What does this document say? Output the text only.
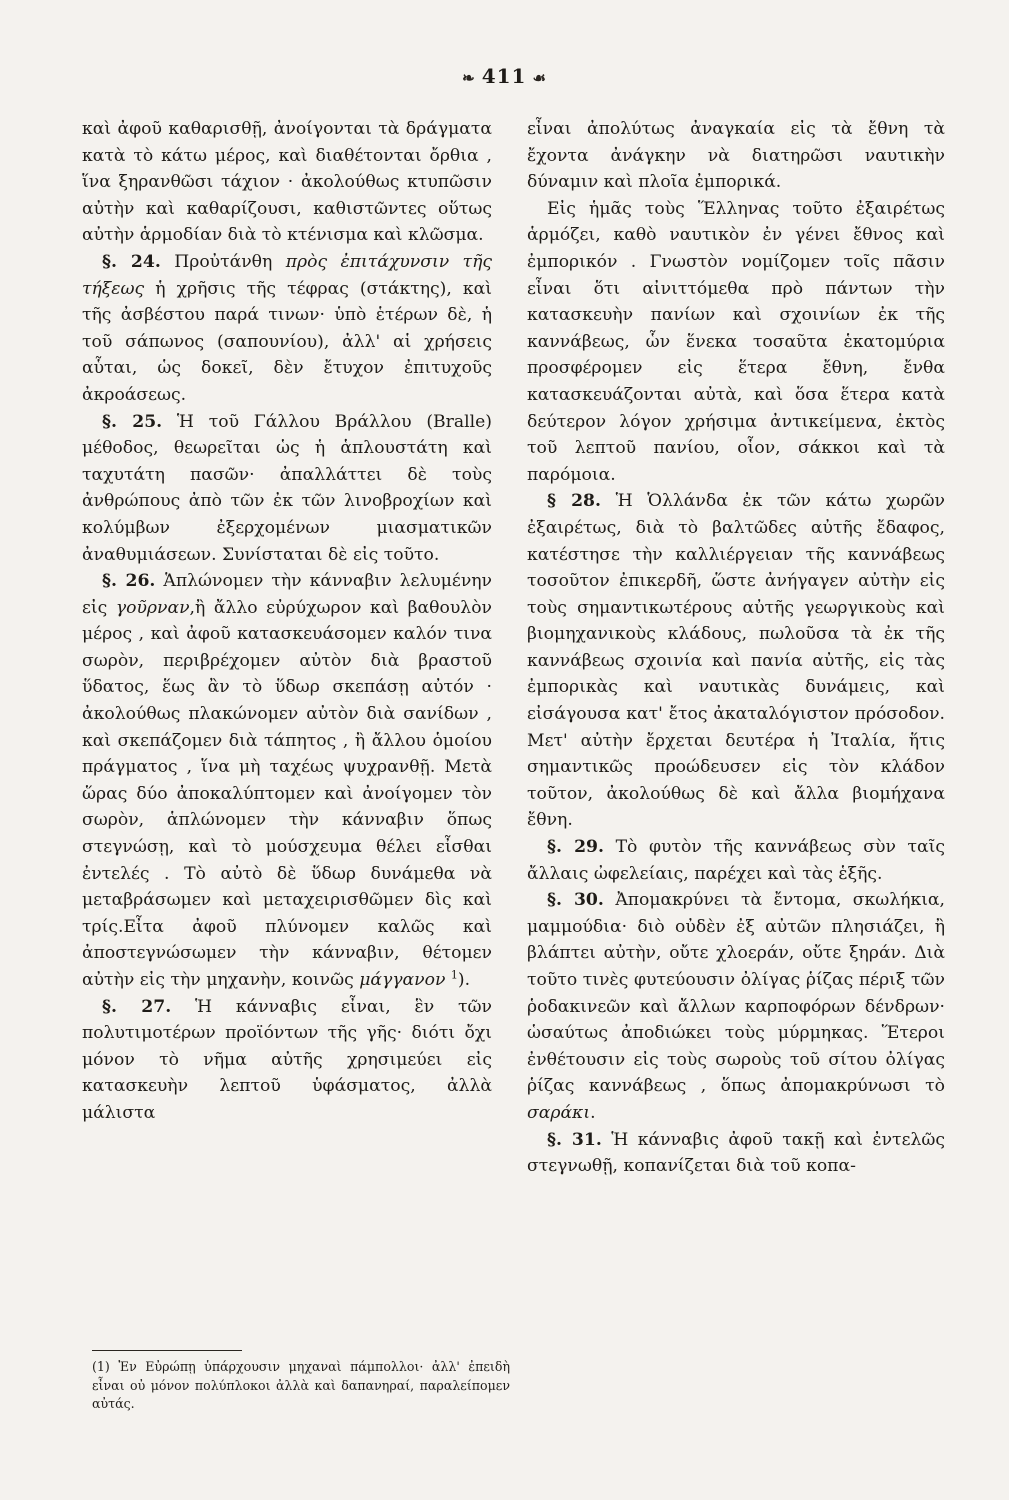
❧ 411 ☙

καὶ ἀφοῦ καθαρισθῇ, ἀνοίγονται τὰ δράγματα κατὰ τὸ κάτω μέρος, καὶ διαθέτονται ὄρθια , ἵνα ξηρανθῶσι τάχιον · ἀκολούθως κτυπῶσιν αὐτὴν καὶ καθαρίζουσι, καθιστῶντες οὕτως αὐτὴν ἁρμοδίαν διὰ τὸ κτένισμα καὶ κλῶσμα.

§. 24. Προὐτάνθη πρὸς ἐπιτάχυνσιν τῆς τήξεως ἡ χρῆσις τῆς τέφρας (στάκτης), καὶ τῆς ἀσβέστου παρά τινων· ὑπὸ ἑτέρων δὲ, ἡ τοῦ σάπωνος (σαπουνίου), ἀλλ' αἱ χρήσεις αὗται, ὡς δοκεῖ, δὲν ἔτυχον ἐπιτυχοῦς ἀκροάσεως.

§. 25. Ἡ τοῦ Γάλλου Βράλλου (Bralle) μέθοδος, θεωρεῖται ὡς ἡ ἁπλουστάτη καὶ ταχυτάτη πασῶν· ἀπαλλάττει δὲ τοὺς ἀνθρώπους ἀπὸ τῶν ἐκ τῶν λινοβροχίων καὶ κολύμβων ἐξερχομένων μιασματικῶν ἀναθυμιάσεων. Συνίσταται δὲ εἰς τοῦτο.

§. 26. Ἁπλώνομεν τὴν κάνναβιν λελυμένην εἰς γοῦρναν,ἢ ἄλλο εὐρύχωρον καὶ βαθουλὸν μέρος , καὶ ἀφοῦ κατασκευάσομεν καλόν τινα σωρὸν, περιβρέχομεν αὐτὸν διὰ βραστοῦ ὕδατος, ἕως ἂν τὸ ὕδωρ σκεπάσῃ αὐτόν · ἀκολούθως πλακώνομεν αὐτὸν διὰ σανίδων , καὶ σκεπάζομεν διὰ τάπητος , ἢ ἄλλου ὁμοίου πράγματος , ἵνα μὴ ταχέως ψυχρανθῇ. Μετὰ ὥρας δύο ἀποκαλύπτομεν καὶ ἀνοίγομεν τὸν σωρὸν, ἁπλώνομεν τὴν κάνναβιν ὅπως στεγνώσῃ, καὶ τὸ μούσχευμα θέλει εἶσθαι ἐντελές . Τὸ αὐτὸ δὲ ὕδωρ δυνάμεθα νὰ μεταβράσωμεν καὶ μεταχειρισθῶμεν δὶς καὶ τρίς.Εἶτα ἀφοῦ πλύνομεν καλῶς καὶ ἀποστεγνώσωμεν τὴν κάνναβιν, θέτομεν αὐτὴν εἰς τὴν μηχανὴν, κοινῶς μάγγανον $^1$).

§. 27. Ἡ κάνναβις εἶναι, ἓν τῶν πολυτιμοτέρων προϊόντων τῆς γῆς· διότι ὄχι μόνον τὸ νῆμα αὐτῆς χρησιμεύει εἰς κατασκευὴν λεπτοῦ ὑφάσματος, ἀλλὰ μάλιστα

εἶναι ἀπολύτως ἀναγκαία εἰς τὰ ἔθνη τὰ ἔχοντα ἀνάγκην νὰ διατηρῶσι ναυτικὴν δύναμιν καὶ πλοῖα ἐμπορικά.

Εἰς ἡμᾶς τοὺς Ἕλληνας τοῦτο ἐξαιρέτως ἁρμόζει, καθὸ ναυτικὸν ἐν γένει ἔθνος καὶ ἐμπορικόν . Γνωστὸν νομίζομεν τοῖς πᾶσιν εἶναι ὅτι αἰνιττόμεθα πρὸ πάντων τὴν κατασκευὴν πανίων καὶ σχοινίων ἐκ τῆς καννάβεως, ὧν ἕνεκα τοσαῦτα ἑκατομύρια προσφέρομεν εἰς ἕτερα ἔθνη, ἔνθα κατασκευάζονται αὐτὰ, καὶ ὅσα ἕτερα κατὰ δεύτερον λόγον χρήσιμα ἀντικείμενα, ἐκτὸς τοῦ λεπτοῦ πανίου, οἷον, σάκκοι καὶ τὰ παρόμοια.

§ 28. Ἡ Ὁλλάνδα ἐκ τῶν κάτω χωρῶν ἐξαιρέτως, διὰ τὸ βαλτῶδες αὐτῆς ἔδαφος, κατέστησε τὴν καλλιέργειαν τῆς καννάβεως τοσοῦτον ἐπικερδῆ, ὥστε ἀνήγαγεν αὐτὴν εἰς τοὺς σημαντικωτέρους αὐτῆς γεωργικοὺς καὶ βιομηχανικοὺς κλάδους, πωλοῦσα τὰ ἐκ τῆς καννάβεως σχοινία καὶ πανία αὐτῆς, εἰς τὰς ἐμπορικὰς καὶ ναυτικὰς δυνάμεις, καὶ εἰσάγουσα κατ' ἔτος ἀκαταλόγιστον πρόσοδον. Μετ' αὐτὴν ἔρχεται δευτέρα ἡ Ἰταλία, ἥτις σημαντικῶς προώδευσεν εἰς τὸν κλάδον τοῦτον, ἀκολούθως δὲ καὶ ἄλλα βιομήχανα ἔθνη.

§. 29. Τὸ φυτὸν τῆς καννάβεως σὺν ταῖς ἄλλαις ὠφελείαις, παρέχει καὶ τὰς ἑξῆς.

§. 30. Ἀπομακρύνει τὰ ἔντομα, σκωλήκια, μαμμούδια· διὸ οὐδὲν ἐξ αὐτῶν πλησιάζει, ἢ βλάπτει αὐτὴν, οὔτε χλοεράν, οὔτε ξηράν. Διὰ τοῦτο τινὲς φυτεύουσιν ὀλίγας ῥίζας πέριξ τῶν ῥοδακινεῶν καὶ ἄλλων καρποφόρων δένδρων· ὡσαύτως ἀποδιώκει τοὺς μύρμηκας. Ἕτεροι ἐνθέτουσιν εἰς τοὺς σωροὺς τοῦ σίτου ὀλίγας ῥίζας καννάβεως , ὅπως ἀπομακρύνωσι τὸ σαράκι.

§. 31. Ἡ κάνναβις ἀφοῦ τακῇ καὶ ἐντελῶς στεγνωθῇ, κοπανίζεται διὰ τοῦ κοπα-

(1) Ἐν Εὐρώπῃ ὑπάρχουσιν μηχαναὶ πάμπολλοι· ἀλλ' ἐπειδὴ εἶναι οὐ μόνον πολύπλοκοι ἀλλὰ καὶ δαπανηραί, παραλείπομεν αὐτάς.
